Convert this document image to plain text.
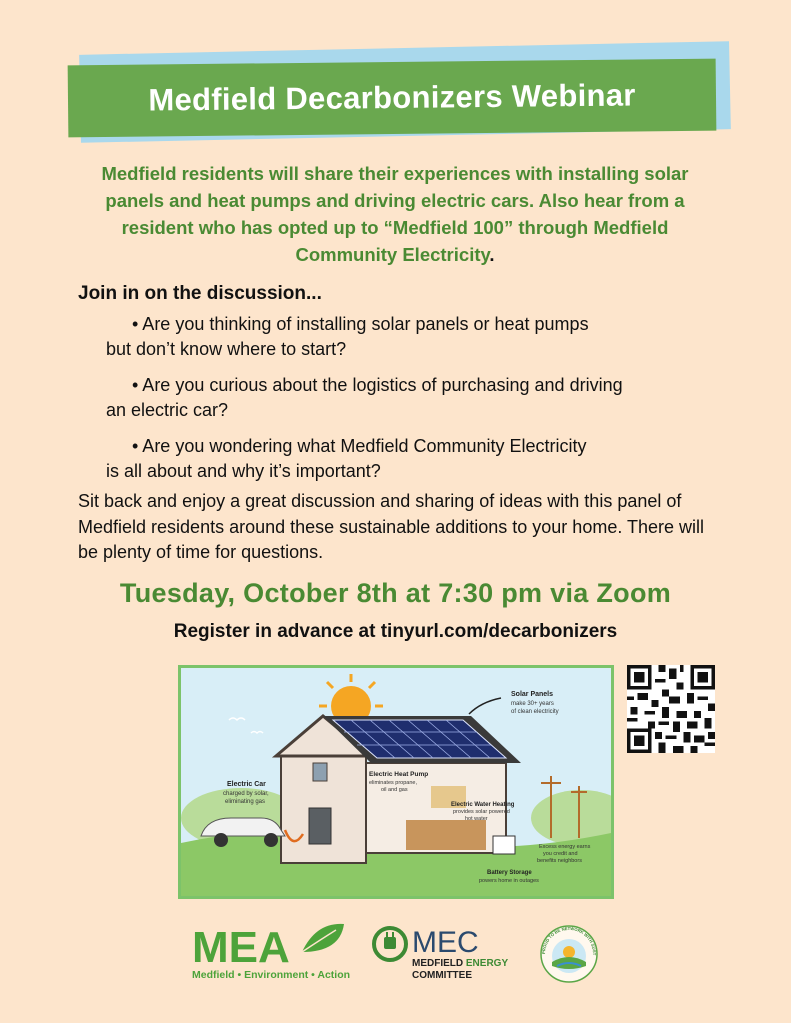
Medfield Decarbonizers Webinar
Medfield residents will share their experiences with installing solar panels and heat pumps and driving electric cars. Also hear from a resident who has opted up to “Medfield 100” through Medfield Community Electricity.
Join in on the discussion...
• Are you thinking of installing solar panels or heat pumps
but don’t know where to start?
• Are you curious about the logistics of purchasing and driving
an electric car?
• Are you wondering what Medfield Community Electricity
is all about and why it’s important?
Sit back and enjoy a great discussion and sharing of ideas with this panel of Medfield residents around these sustainable additions to your home. There will be plenty of time for questions.
Tuesday, October 8th at 7:30 pm via Zoom
Register in advance at tinyurl.com/decarbonizers
Solar Panels
make 30+ years
of clean electricity
Electric Car
charged by solar,
eliminating gas
Electric Heat Pump
eliminates propane,
oil and gas
Electric Water Heating
provides solar powered
hot water
Excess energy earns
you credit and
benefits neighbors
Battery Storage
powers home in outages
MEA
Medfield • Environment • Action
MEC
MEDFIELD ENERGY
COMMITTEE
PROUD TO BE NETWORK WITH SUST
